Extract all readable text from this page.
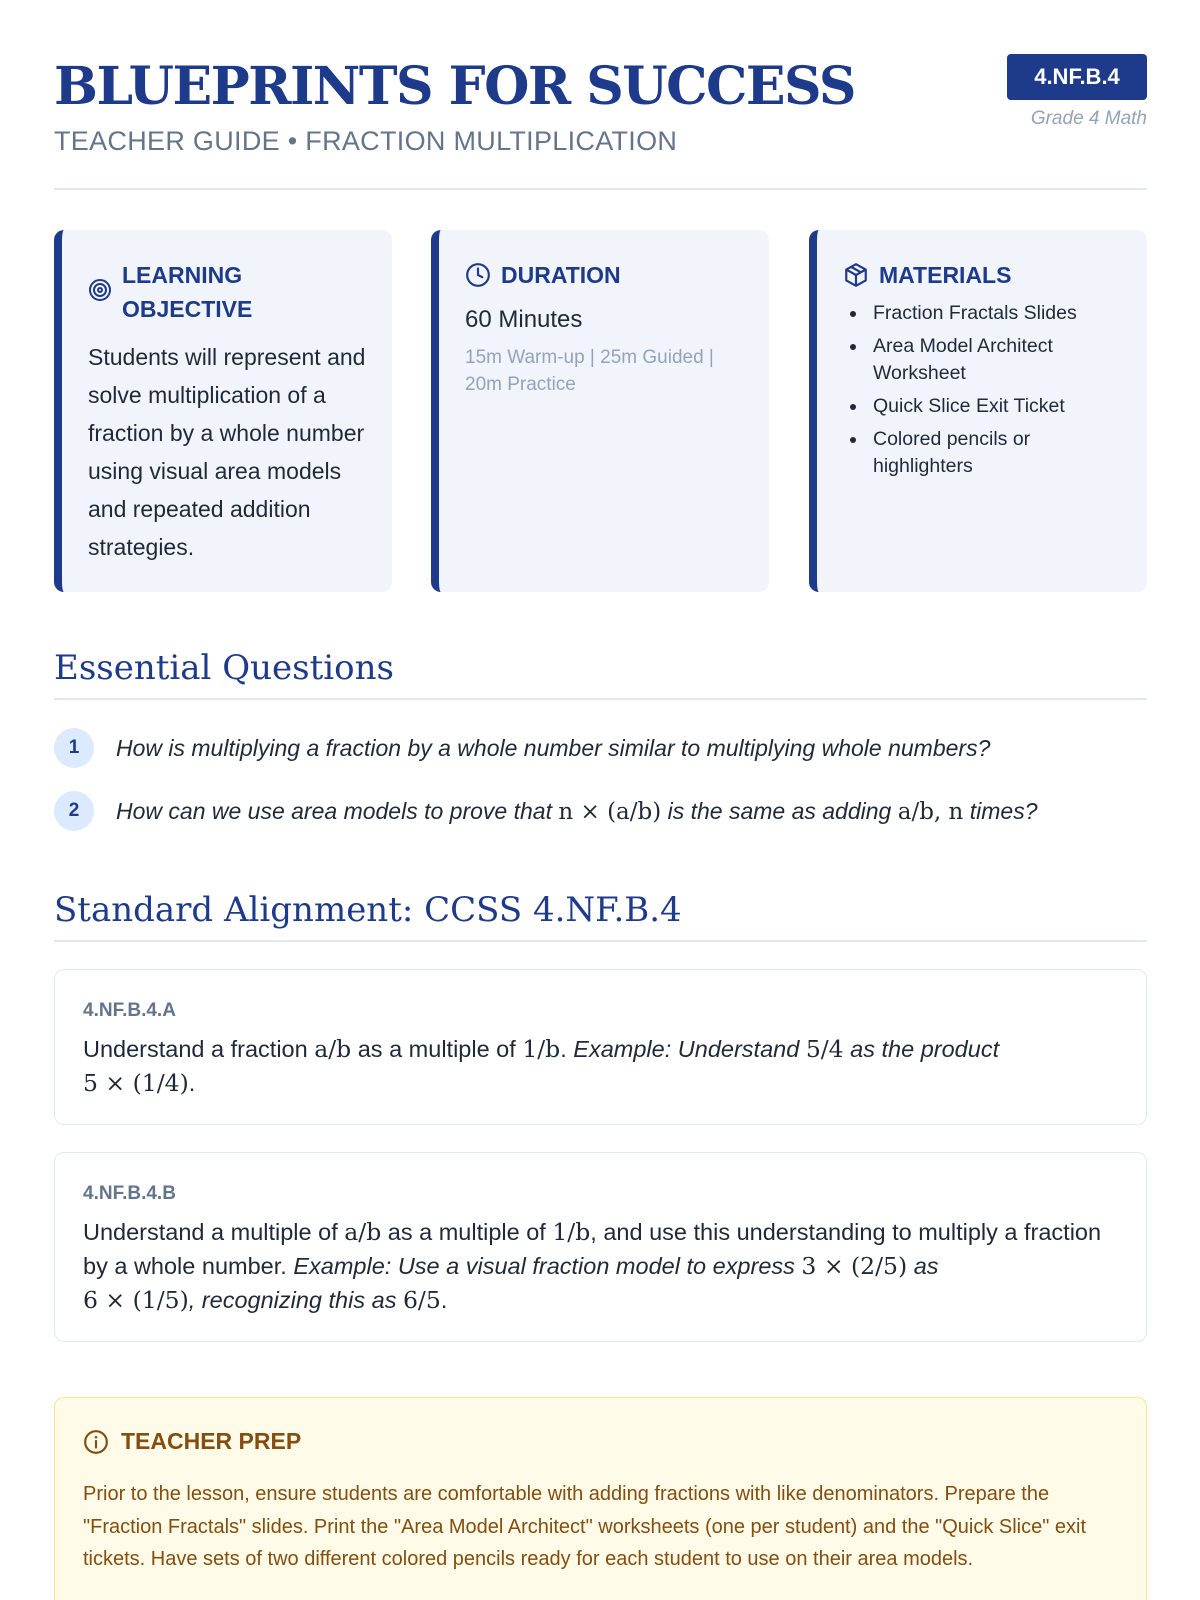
BLUEPRINTS FOR SUCCESS
TEACHER GUIDE • FRACTION MULTIPLICATION
4.NF.B.4
Grade 4 Math
LEARNING OBJECTIVE
Students will represent and solve multiplication of a fraction by a whole number using visual area models and repeated addition strategies.
DURATION
60 Minutes
15m Warm-up | 25m Guided | 20m Practice
MATERIALS
Fraction Fractals Slides
Area Model Architect Worksheet
Quick Slice Exit Ticket
Colored pencils or highlighters
Essential Questions
1	How is multiplying a fraction by a whole number similar to multiplying whole numbers?
2	How can we use area models to prove that n × (a/b) is the same as adding a/b, n times?
Standard Alignment: CCSS 4.NF.B.4
4.NF.B.4.A
Understand a fraction a/b as a multiple of 1/b. Example: Understand 5/4 as the product
5 × (1/4).
4.NF.B.4.B
Understand a multiple of a/b as a multiple of 1/b, and use this understanding to multiply a fraction by a whole number. Example: Use a visual fraction model to express 3 × (2/5) as
6 × (1/5), recognizing this as 6/5.
TEACHER PREP
Prior to the lesson, ensure students are comfortable with adding fractions with like denominators. Prepare the "Fraction Fractals" slides. Print the "Area Model Architect" worksheets (one per student) and the "Quick Slice" exit tickets. Have sets of two different colored pencils ready for each student to use on their area models.
